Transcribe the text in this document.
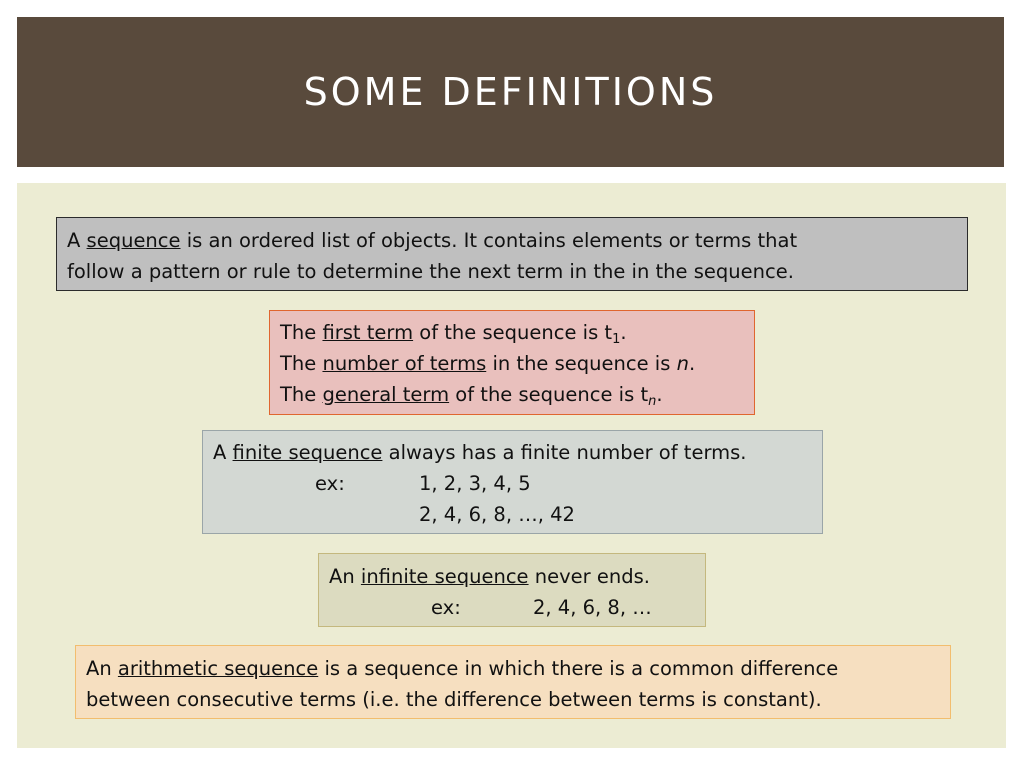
SOME DEFINITIONS

A sequence is an ordered list of objects. It contains elements or terms that

follow a pattern or rule to determine the next term in the in the sequence.

The first term of the sequence is $t_1$.

The number of terms in the sequence is n.

The general term of the sequence is $t_n$.

A finite sequence always has a finite number of terms.

ex:	1, 2, 3, 4, 5

2, 4, 6, 8, …, 42

An infinite sequence never ends.

ex:	2, 4, 6, 8, …

An arithmetic sequence is a sequence in which there is a common difference

between consecutive terms (i.e. the difference between terms is constant).
